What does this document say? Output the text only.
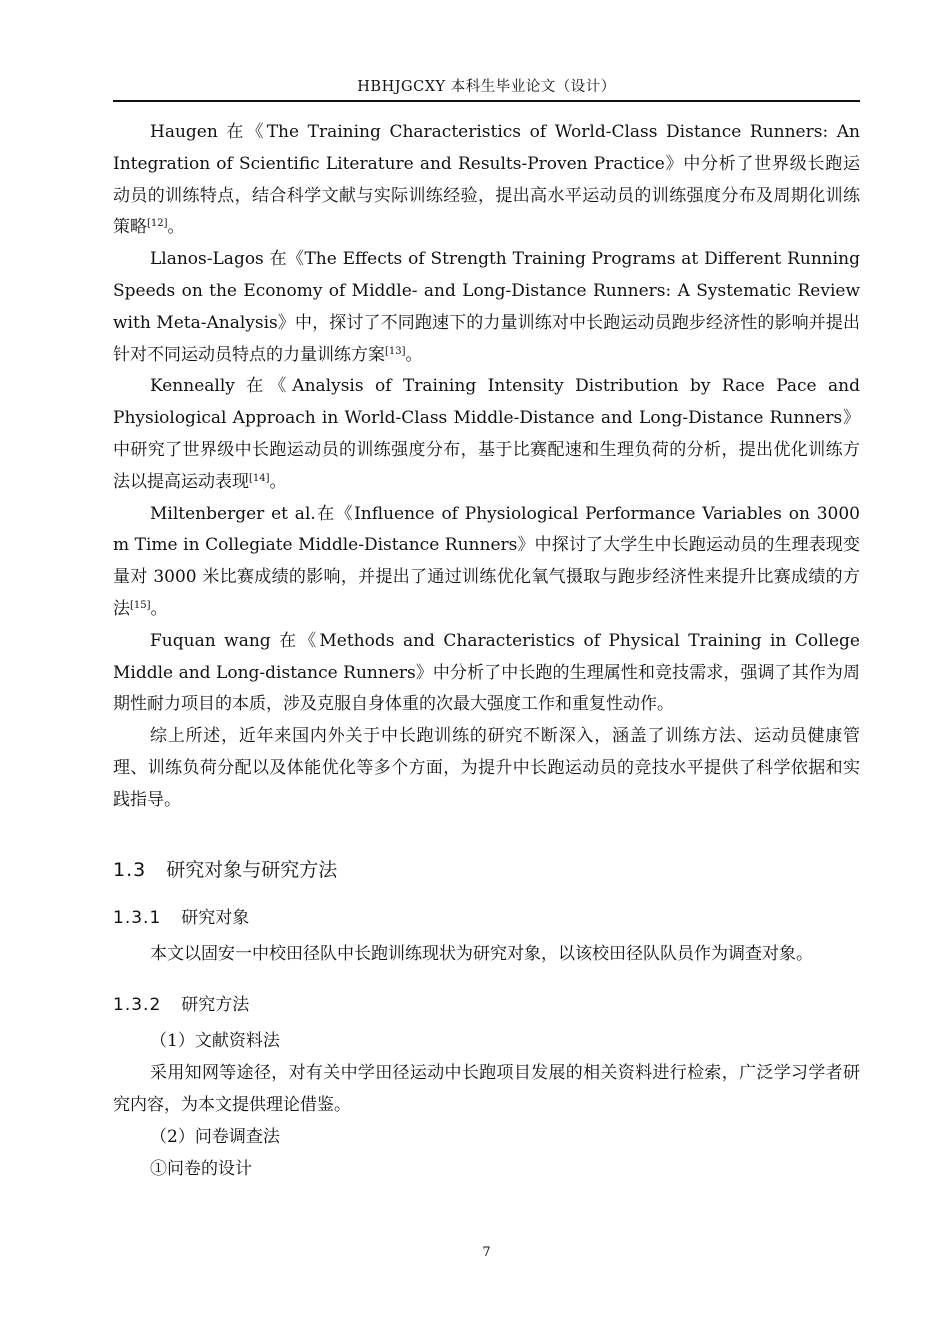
HBHJGCXY 本科生毕业论文（设计）

Haugen 在《The Training Characteristics of World-Class Distance Runners: An Integration of Scientific Literature and Results-Proven Practice》中分析了世界级长跑运动员的训练特点，结合科学文献与实际训练经验，提出高水平运动员的训练强度分布及周期化训练策略[12]。

Llanos-Lagos 在《The Effects of Strength Training Programs at Different Running Speeds on the Economy of Middle- and Long-Distance Runners: A Systematic Review with Meta-Analysis》中，探讨了不同跑速下的力量训练对中长跑运动员跑步经济性的影响并提出针对不同运动员特点的力量训练方案[13]。

Kenneally 在《Analysis of Training Intensity Distribution by Race Pace and Physiological Approach in World-Class Middle-Distance and Long-Distance Runners》中研究了世界级中长跑运动员的训练强度分布，基于比赛配速和生理负荷的分析，提出优化训练方法以提高运动表现[14]。

Miltenberger et al.在《Influence of Physiological Performance Variables on 3000 m Time in Collegiate Middle-Distance Runners》中探讨了大学生中长跑运动员的生理表现变量对 3000 米比赛成绩的影响，并提出了通过训练优化氧气摄取与跑步经济性来提升比赛成绩的方法[15]。

Fuquan wang 在《Methods and Characteristics of Physical Training in College Middle and Long-distance Runners》中分析了中长跑的生理属性和竞技需求，强调了其作为周期性耐力项目的本质，涉及克服自身体重的次最大强度工作和重复性动作。

综上所述，近年来国内外关于中长跑训练的研究不断深入，涵盖了训练方法、运动员健康管理、训练负荷分配以及体能优化等多个方面，为提升中长跑运动员的竞技水平提供了科学依据和实践指导。

1.3 研究对象与研究方法
1.3.1 研究对象

本文以固安一中校田径队中长跑训练现状为研究对象，以该校田径队队员作为调查对象。

1.3.2 研究方法

（1）文献资料法

采用知网等途径，对有关中学田径运动中长跑项目发展的相关资料进行检索，广泛学习学者研究内容，为本文提供理论借鉴。

（2）问卷调查法

①问卷的设计

7
